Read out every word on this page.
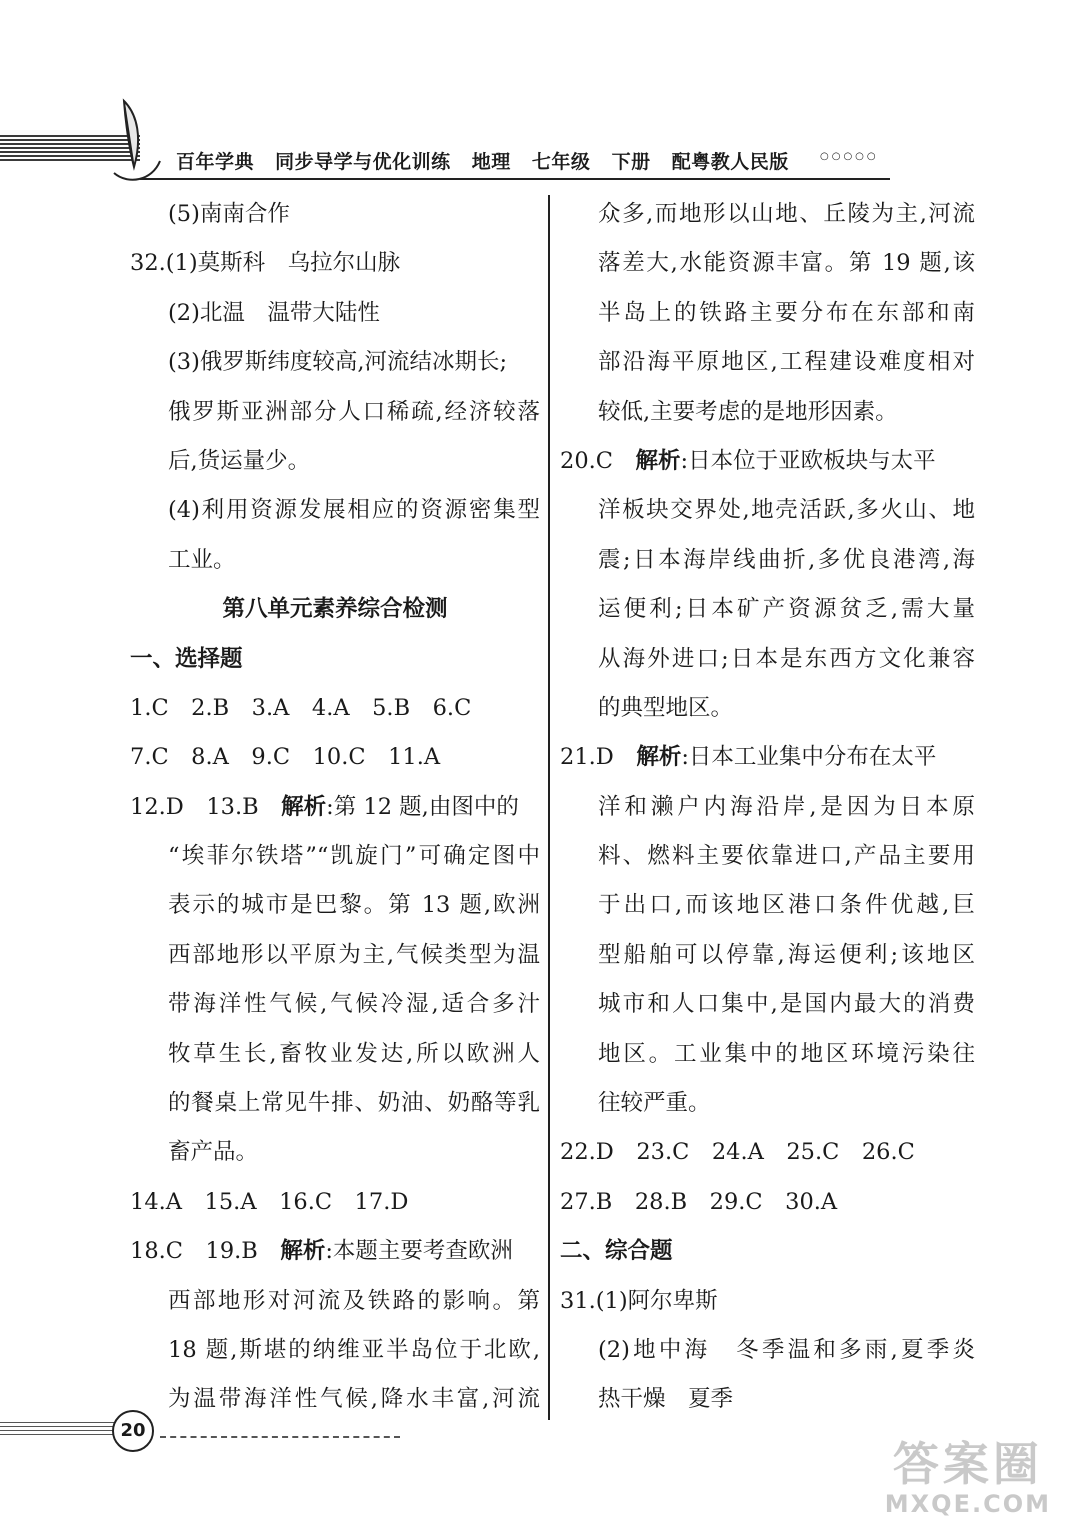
百年学典 同步导学与优化训练 地理 七年级 下册 配粤教人民版	○○○○○
(5)南南合作
32.(1)莫斯科　乌拉尔山脉
(2)北温　温带大陆性
(3)俄罗斯纬度较高,河流结冰期长;
俄罗斯亚洲部分人口稀疏,经济较落
后,货运量少。
(4)利用资源发展相应的资源密集型
工业。
第八单元素养综合检测
一、选择题
1.C　2.B　3.A　4.A　5.B　6.C
7.C　8.A　9.C　10.C　11.A
12.D　13.B　解析:第 12 题,由图中的
“埃菲尔铁塔”“凯旋门”可确定图中
表示的城市是巴黎。第 13 题,欧洲
西部地形以平原为主,气候类型为温
带海洋性气候,气候冷湿,适合多汁
牧草生长,畜牧业发达,所以欧洲人
的餐桌上常见牛排、奶油、奶酪等乳
畜产品。
14.A　15.A　16.C　17.D
18.C　19.B　解析:本题主要考查欧洲
西部地形对河流及铁路的影响。第
18 题,斯堪的纳维亚半岛位于北欧,
为温带海洋性气候,降水丰富,河流
众多,而地形以山地、丘陵为主,河流
落差大,水能资源丰富。第 19 题,该
半岛上的铁路主要分布在东部和南
部沿海平原地区,工程建设难度相对
较低,主要考虑的是地形因素。
20.C　解析:日本位于亚欧板块与太平
洋板块交界处,地壳活跃,多火山、地
震;日本海岸线曲折,多优良港湾,海
运便利;日本矿产资源贫乏,需大量
从海外进口;日本是东西方文化兼容
的典型地区。
21.D　解析:日本工业集中分布在太平
洋和濑户内海沿岸,是因为日本原
料、燃料主要依靠进口,产品主要用
于出口,而该地区港口条件优越,巨
型船舶可以停靠,海运便利;该地区
城市和人口集中,是国内最大的消费
地区。工业集中的地区环境污染往
往较严重。
22.D　23.C　24.A　25.C　26.C
27.B　28.B　29.C　30.A
二、综合题
31.(1)阿尔卑斯
(2)地中海　冬季温和多雨,夏季炎
热干燥　夏季
20
答案圈
MXQE.COM
